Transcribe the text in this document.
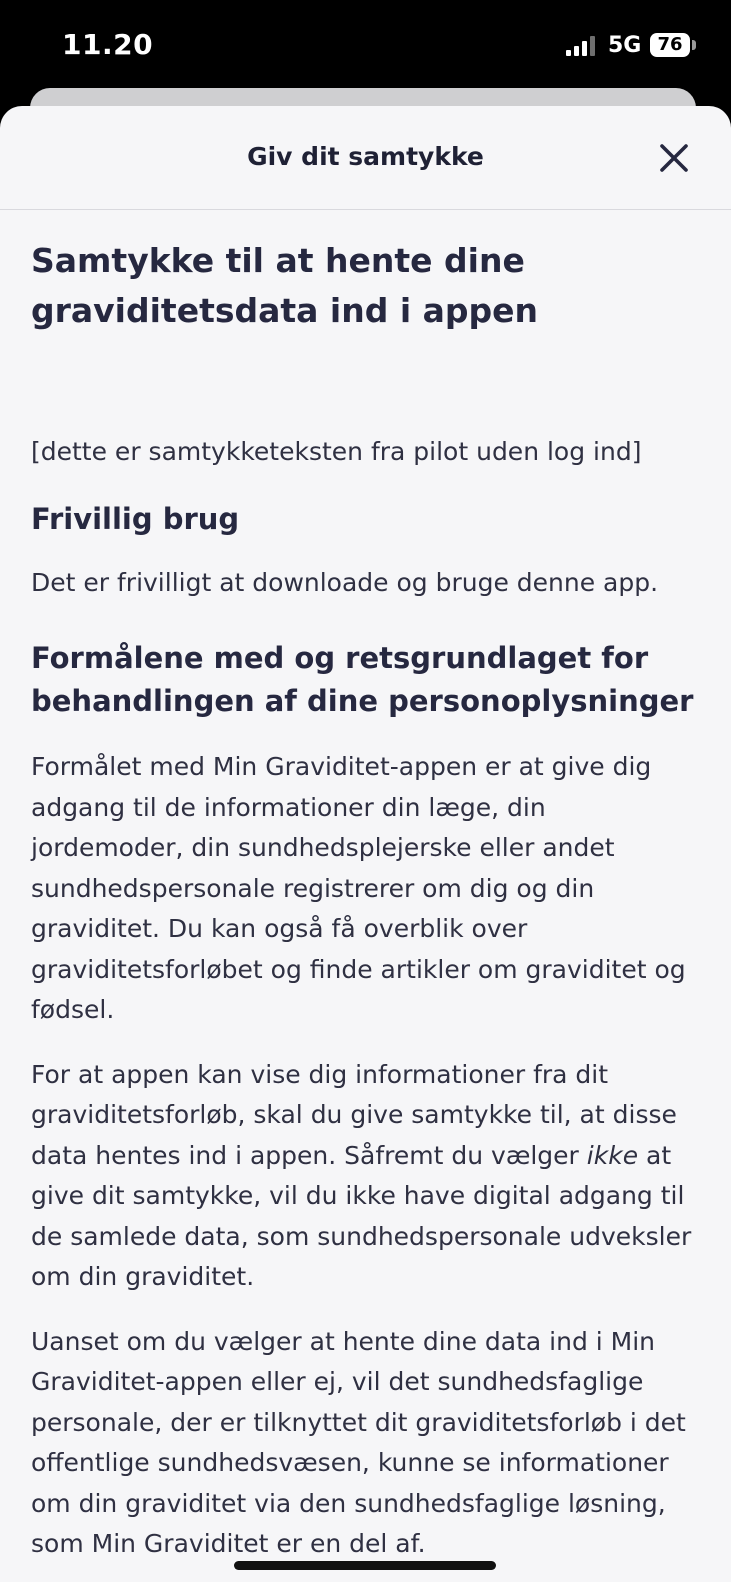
11.20	5G 76
Giv dit samtykke
Samtykke til at hente dine graviditetsdata ind i appen

[dette er samtykketeksten fra pilot uden log ind]

Frivillig brug

Det er frivilligt at downloade og bruge denne app.

Formålene med og retsgrundlaget for behandlingen af dine personoplysninger

Formålet med Min Graviditet-appen er at give dig adgang til de informationer din læge, din jordemoder, din sundhedsplejerske eller andet sundhedspersonale registrerer om dig og din graviditet. Du kan også få overblik over graviditetsforløbet og finde artikler om graviditet og fødsel.

For at appen kan vise dig informationer fra dit graviditetsforløb, skal du give samtykke til, at disse data hentes ind i appen. Såfremt du vælger ikke at give dit samtykke, vil du ikke have digital adgang til de samlede data, som sundhedspersonale udveksler om din graviditet.

Uanset om du vælger at hente dine data ind i Min Graviditet-appen eller ej, vil det sundhedsfaglige personale, der er tilknyttet dit graviditetsforløb i det offentlige sundhedsvæsen, kunne se informationer om din graviditet via den sundhedsfaglige løsning, som Min Graviditet er en del af.
